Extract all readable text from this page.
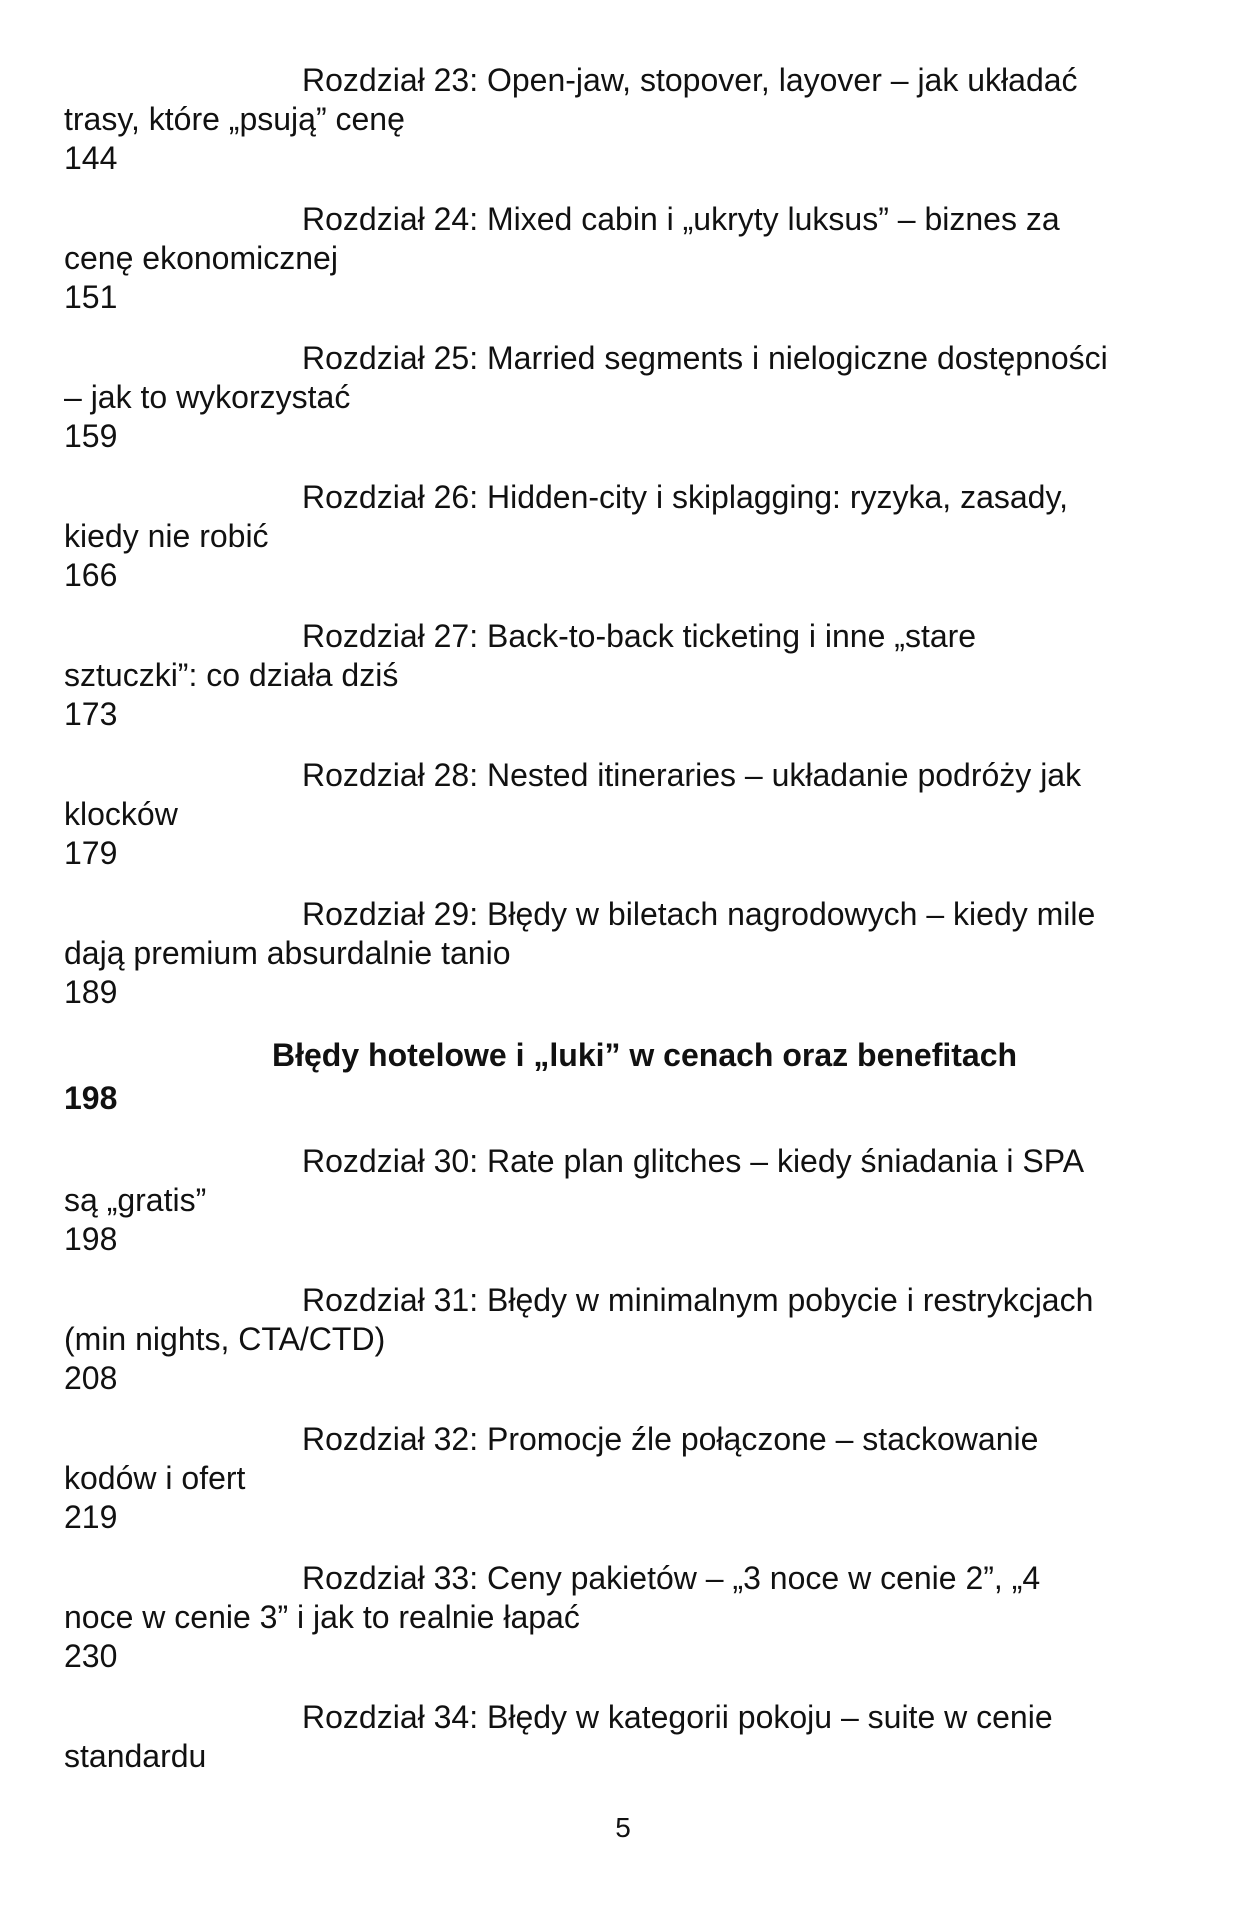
Rozdział 23: Open-jaw, stopover, layover – jak układać
trasy, które „psują” cenę
144
Rozdział 24: Mixed cabin i „ukryty luksus” – biznes za
cenę ekonomicznej
151
Rozdział 25: Married segments i nielogiczne dostępności
– jak to wykorzystać
159
Rozdział 26: Hidden-city i skiplagging: ryzyka, zasady,
kiedy nie robić
166
Rozdział 27: Back-to-back ticketing i inne „stare
sztuczki”: co działa dziś
173
Rozdział 28: Nested itineraries – układanie podróży jak
klocków
179
Rozdział 29: Błędy w biletach nagrodowych – kiedy mile
dają premium absurdalnie tanio
189
Błędy hotelowe i „luki” w cenach oraz benefitach
198
Rozdział 30: Rate plan glitches – kiedy śniadania i SPA
są „gratis”
198
Rozdział 31: Błędy w minimalnym pobycie i restrykcjach
(min nights, CTA/CTD)
208
Rozdział 32: Promocje źle połączone – stackowanie
kodów i ofert
219
Rozdział 33: Ceny pakietów – „3 noce w cenie 2”, „4
noce w cenie 3” i jak to realnie łapać
230
Rozdział 34: Błędy w kategorii pokoju – suite w cenie
standardu
5
